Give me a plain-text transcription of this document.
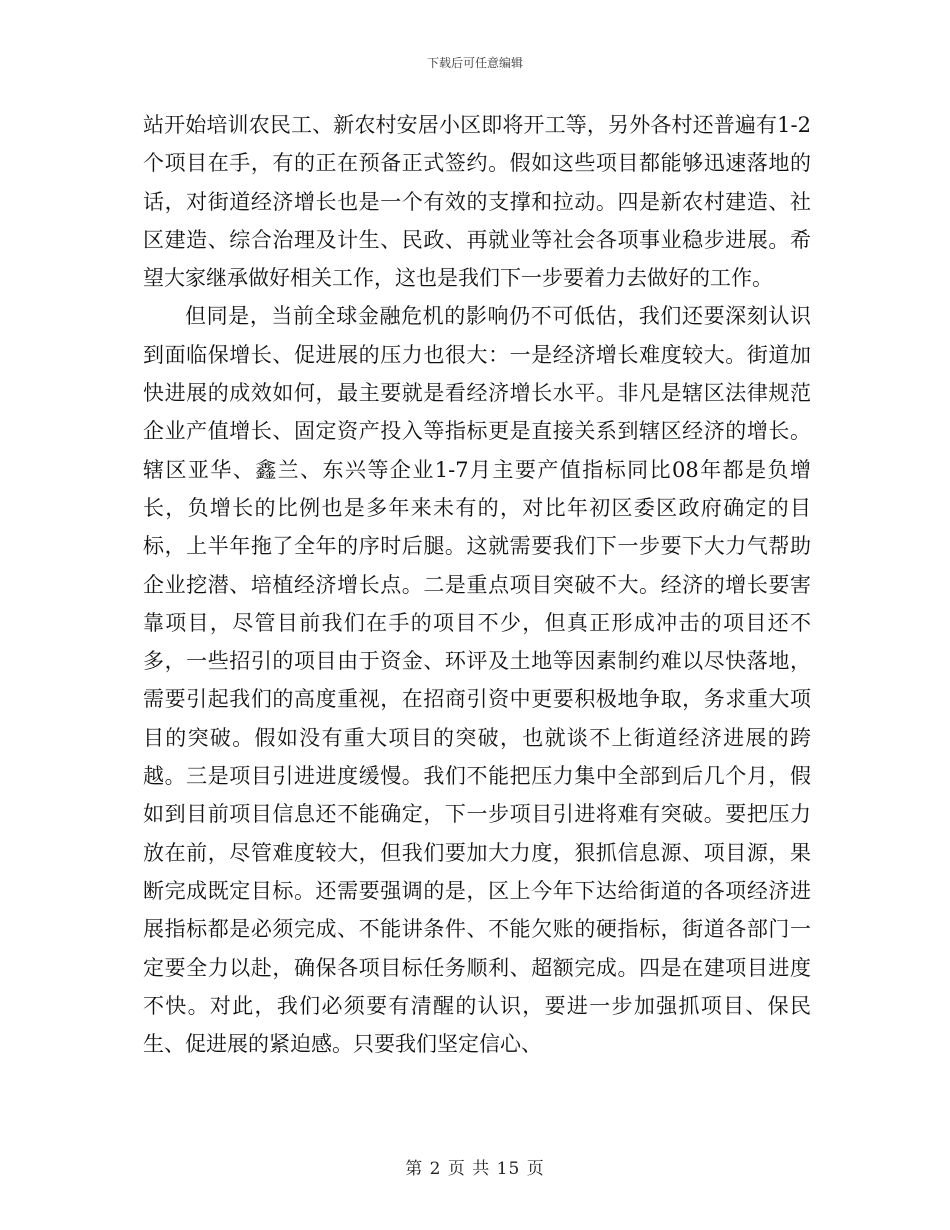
下载后可任意编辑

站开始培训农民工、新农村安居小区即将开工等，另外各村还普遍有1-2个项目在手，有的正在预备正式签约。假如这些项目都能够迅速落地的话，对街道经济增长也是一个有效的支撑和拉动。四是新农村建造、社区建造、综合治理及计生、民政、再就业等社会各项事业稳步进展。希望大家继承做好相关工作，这也是我们下一步要着力去做好的工作。

但同是，当前全球金融危机的影响仍不可低估，我们还要深刻认识到面临保增长、促进展的压力也很大：一是经济增长难度较大。街道加快进展的成效如何，最主要就是看经济增长水平。非凡是辖区法律规范企业产值增长、固定资产投入等指标更是直接关系到辖区经济的增长。辖区亚华、鑫兰、东兴等企业1-7月主要产值指标同比08年都是负增长，负增长的比例也是多年来未有的，对比年初区委区政府确定的目标，上半年拖了全年的序时后腿。这就需要我们下一步要下大力气帮助企业挖潜、培植经济增长点。二是重点项目突破不大。经济的增长要害靠项目，尽管目前我们在手的项目不少，但真正形成冲击的项目还不多，一些招引的项目由于资金、环评及土地等因素制约难以尽快落地，需要引起我们的高度重视，在招商引资中更要积极地争取，务求重大项目的突破。假如没有重大项目的突破，也就谈不上街道经济进展的跨越。三是项目引进进度缓慢。我们不能把压力集中全部到后几个月，假如到目前项目信息还不能确定，下一步项目引进将难有突破。要把压力放在前，尽管难度较大，但我们要加大力度，狠抓信息源、项目源，果断完成既定目标。还需要强调的是，区上今年下达给街道的各项经济进展指标都是必须完成、不能讲条件、不能欠账的硬指标，街道各部门一定要全力以赴，确保各项目标任务顺利、超额完成。四是在建项目进度不快。对此，我们必须要有清醒的认识，要进一步加强抓项目、保民生、促进展的紧迫感。只要我们坚定信心、

第 2 页 共 15 页
